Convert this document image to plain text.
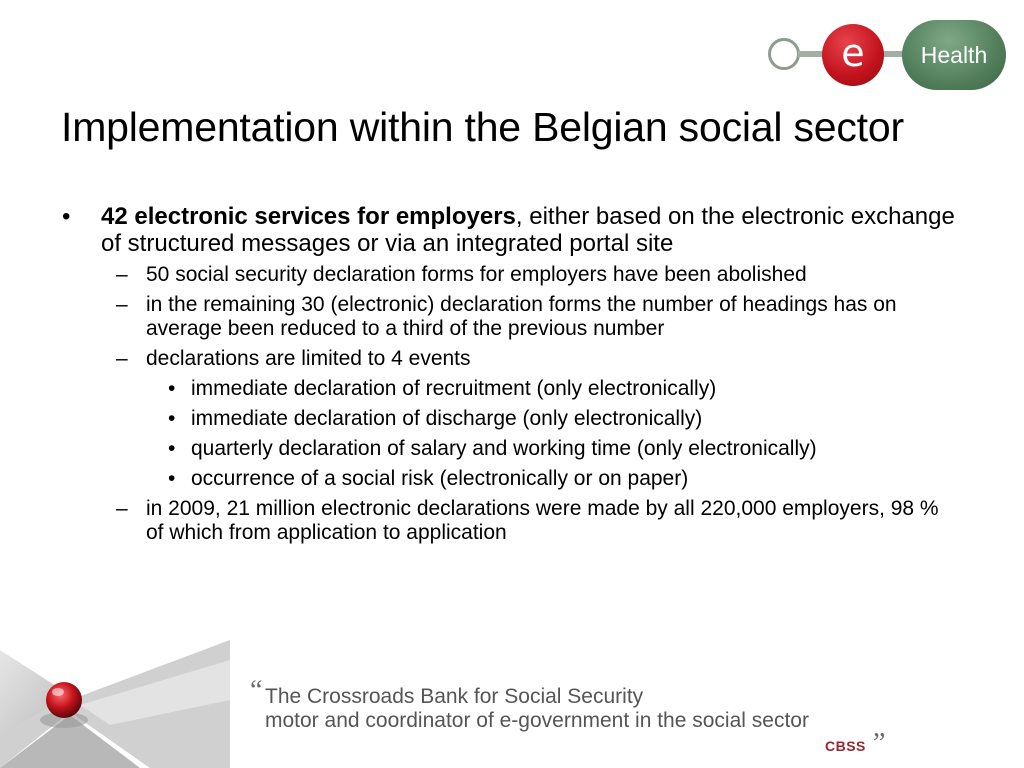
Health
e
Implementation within the Belgian social sector
• 42 electronic services for employers, either based on the electronic exchange of structured messages or via an integrated portal site
– 50 social security declaration forms for employers have been abolished
– in the remaining 30 (electronic) declaration forms the number of headings has on average been reduced to a third of the previous number
– declarations are limited to 4 events
• immediate declaration of recruitment (only electronically)
• immediate declaration of discharge (only electronically)
• quarterly declaration of salary and working time (only electronically)
• occurrence of a social risk (electronically or on paper)
– in 2009, 21 million electronic declarations were made by all 220,000 employers, 98 % of which from application to application
“ The Crossroads Bank for Social Security
motor and coordinator of e-government in the social sector „
CBSS
